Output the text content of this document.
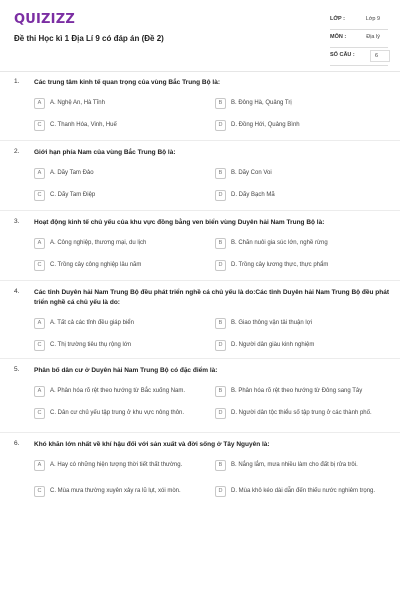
QUIZIZZ
Đề thi Học kì 1 Địa Lí 9 có đáp án (Đề 2)
LỚP :	Lớp 9
MÔN :	Địa lý
SỐ CÂU :	6
1. Các trung tâm kinh tế quan trọng của vùng Bắc Trung Bộ là:
A	A. Nghệ An, Hà Tĩnh	B	B. Đông Hà, Quảng Trị
C	C. Thanh Hóa, Vinh, Huế	D	D. Đồng Hới, Quảng Bình
2. Giới hạn phía Nam của vùng Bắc Trung Bộ là:
A	A. Dãy Tam Đảo	B	B. Dãy Con Voi
C	C. Dãy Tam Điệp	D	D. Dãy Bạch Mã
3. Hoạt động kinh tế chủ yếu của khu vực đồng bằng ven biển vùng Duyên hải Nam Trung Bộ là:
A	A. Công nghiệp, thương mại, du lịch	B	B. Chăn nuôi gia súc lớn, nghề rừng
C	C. Trồng cây công nghiệp lâu năm	D	D. Trồng cây lương thực, thực phẩm
4. Các tỉnh Duyên hải Nam Trung Bộ đều phát triển nghề cá chủ yếu là do:Các tỉnh Duyên hải Nam Trung Bộ đều phát triển nghề cá chủ yếu là do:
A	A. Tất cả các tỉnh đều giáp biển	B	B. Giao thông vận tải thuận lợi
C	C. Thị trường tiêu thụ rộng lớn	D	D. Người dân giàu kinh nghiệm
5. Phân bố dân cư ở Duyên hải Nam Trung Bộ có đặc điểm là:
A	A. Phân hóa rõ rệt theo hướng từ Bắc xuống Nam.	B	B. Phân hóa rõ rệt theo hướng từ Đông sang Tây
C	C. Dân cư chủ yếu tập trung ở khu vực nông thôn.	D	D. Người dân tộc thiểu số tập trung ở các thành phố.
6. Khó khăn lớn nhất về khí hậu đối với sản xuất và đời sống ở Tây Nguyên là:
A	A. Hay có những hiện tượng thời tiết thất thường.	B	B. Nắng lắm, mưa nhiều làm cho đất bị rửa trôi.
C	C. Mùa mưa thường xuyên xảy ra lũ lụt, xói mòn.	D	D. Mùa khô kéo dài dẫn đến thiếu nước nghiêm trọng.
